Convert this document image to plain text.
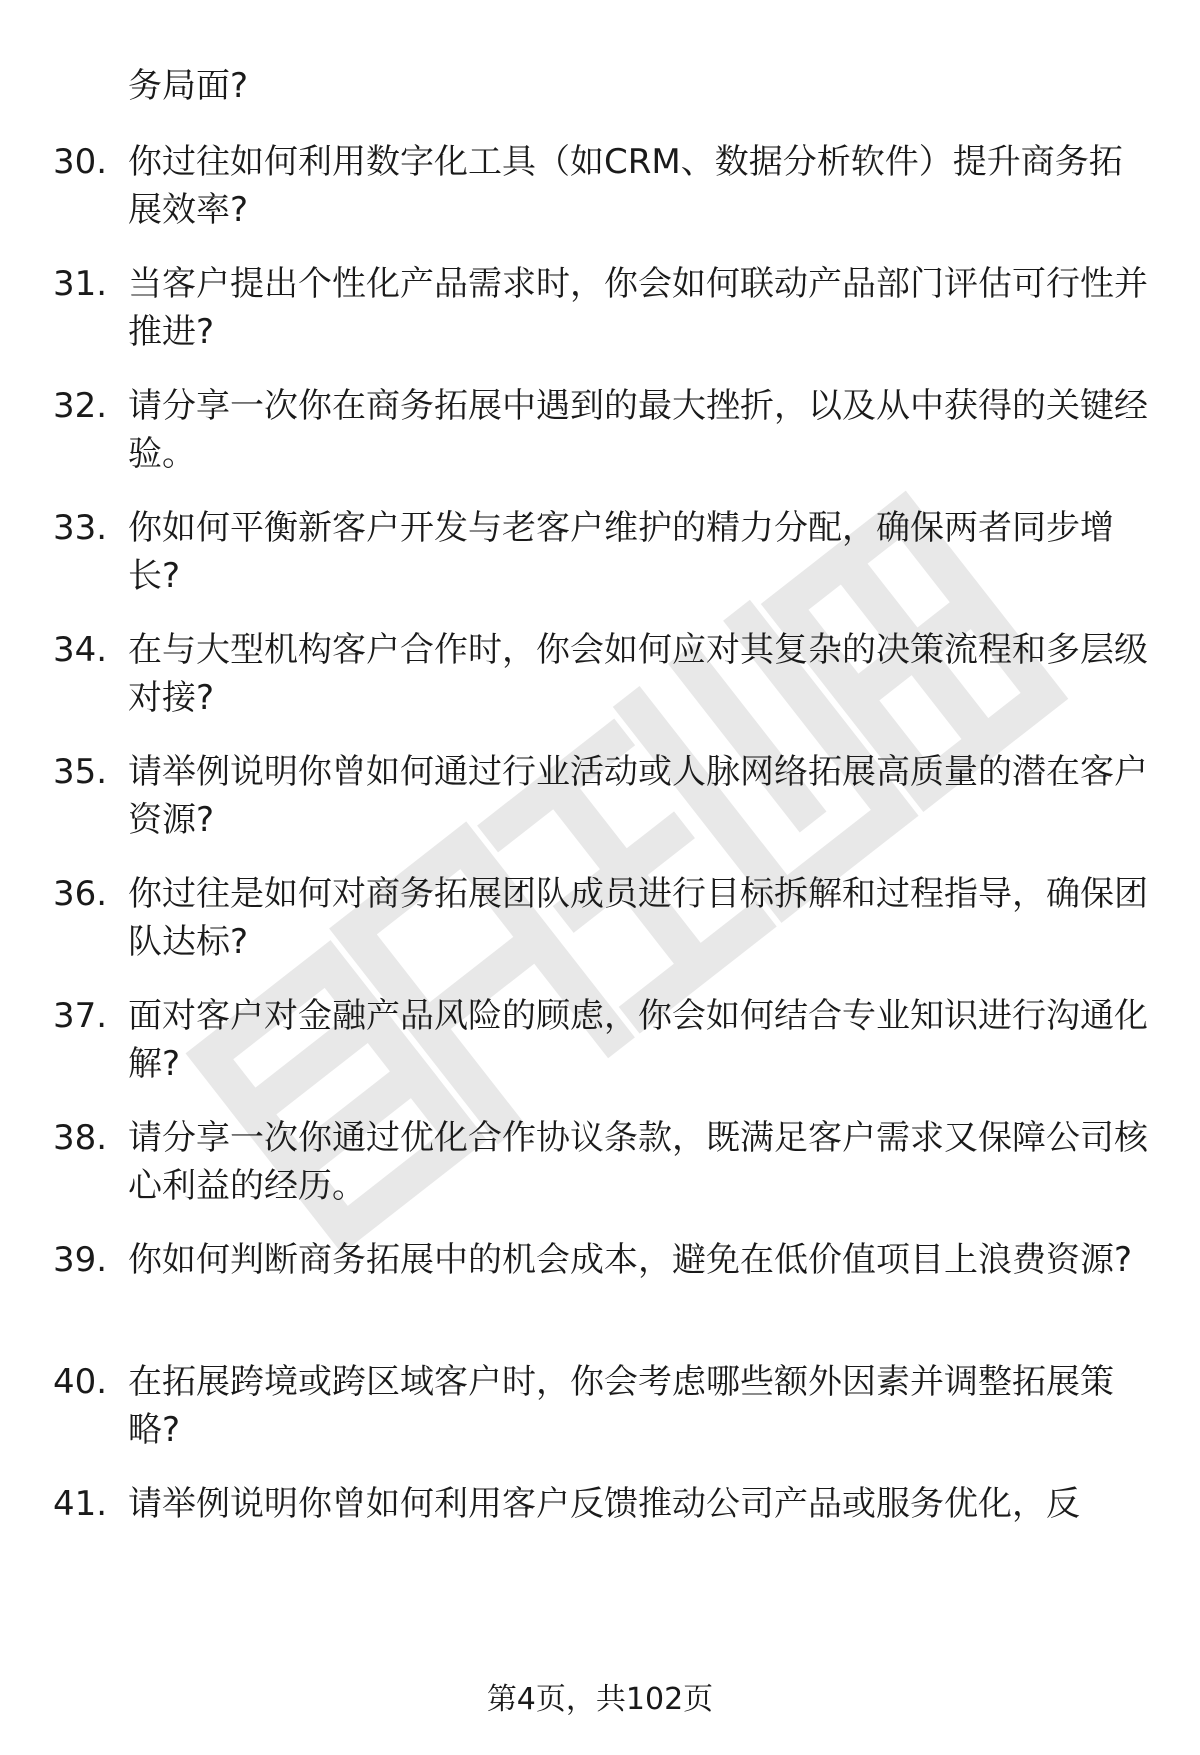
务局面?
30. 你过往如何利用数字化工具（如CRM、数据分析软件）提升商务拓展效率?
31. 当客户提出个性化产品需求时，你会如何联动产品部门评估可行性并推进?
32. 请分享一次你在商务拓展中遇到的最大挫折，以及从中获得的关键经验。
33. 你如何平衡新客户开发与老客户维护的精力分配，确保两者同步增长?
34. 在与大型机构客户合作时，你会如何应对其复杂的决策流程和多层级对接?
35. 请举例说明你曾如何通过行业活动或人脉网络拓展高质量的潜在客户资源?
36. 你过往是如何对商务拓展团队成员进行目标拆解和过程指导，确保团队达标?
37. 面对客户对金融产品风险的顾虑，你会如何结合专业知识进行沟通化解?
38. 请分享一次你通过优化合作协议条款，既满足客户需求又保障公司核心利益的经历。
39. 你如何判断商务拓展中的机会成本，避免在低价值项目上浪费资源?
40. 在拓展跨境或跨区域客户时，你会考虑哪些额外因素并调整拓展策略?
41. 请举例说明你曾如何利用客户反馈推动公司产品或服务优化，反
第4页，共102页
